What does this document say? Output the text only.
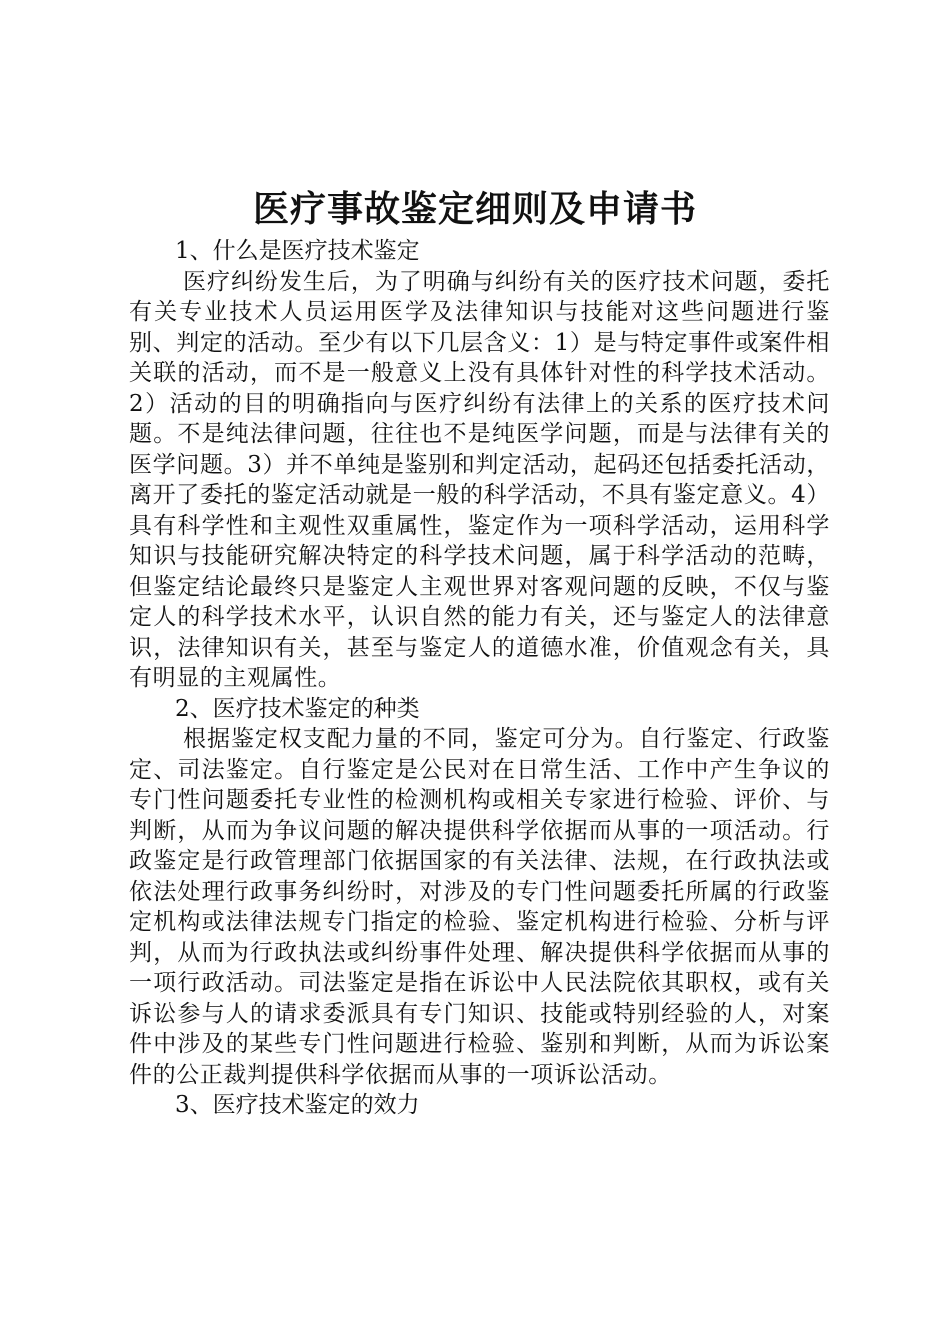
医疗事故鉴定细则及申请书
1、什么是医疗技术鉴定

医疗纠纷发生后，为了明确与纠纷有关的医疗技术问题，委托有关专业技术人员运用医学及法律知识与技能对这些问题进行鉴别、判定的活动。至少有以下几层含义：1）是与特定事件或案件相关联的活动，而不是一般意义上没有具体针对性的科学技术活动。2）活动的目的明确指向与医疗纠纷有法律上的关系的医疗技术问题。不是纯法律问题，往往也不是纯医学问题，而是与法律有关的医学问题。3）并不单纯是鉴别和判定活动，起码还包括委托活动，离开了委托的鉴定活动就是一般的科学活动，不具有鉴定意义。4）具有科学性和主观性双重属性，鉴定作为一项科学活动，运用科学知识与技能研究解决特定的科学技术问题，属于科学活动的范畴，但鉴定结论最终只是鉴定人主观世界对客观问题的反映，不仅与鉴定人的科学技术水平，认识自然的能力有关，还与鉴定人的法律意识，法律知识有关，甚至与鉴定人的道德水准，价值观念有关，具有明显的主观属性。

2、医疗技术鉴定的种类

根据鉴定权支配力量的不同，鉴定可分为。自行鉴定、行政鉴定、司法鉴定。自行鉴定是公民对在日常生活、工作中产生争议的专门性问题委托专业性的检测机构或相关专家进行检验、评价、与判断，从而为争议问题的解决提供科学依据而从事的一项活动。行政鉴定是行政管理部门依据国家的有关法律、法规，在行政执法或依法处理行政事务纠纷时，对涉及的专门性问题委托所属的行政鉴定机构或法律法规专门指定的检验、鉴定机构进行检验、分析与评判，从而为行政执法或纠纷事件处理、解决提供科学依据而从事的一项行政活动。司法鉴定是指在诉讼中人民法院依其职权，或有关诉讼参与人的请求委派具有专门知识、技能或特别经验的人，对案件中涉及的某些专门性问题进行检验、鉴别和判断，从而为诉讼案件的公正裁判提供科学依据而从事的一项诉讼活动。

3、医疗技术鉴定的效力
